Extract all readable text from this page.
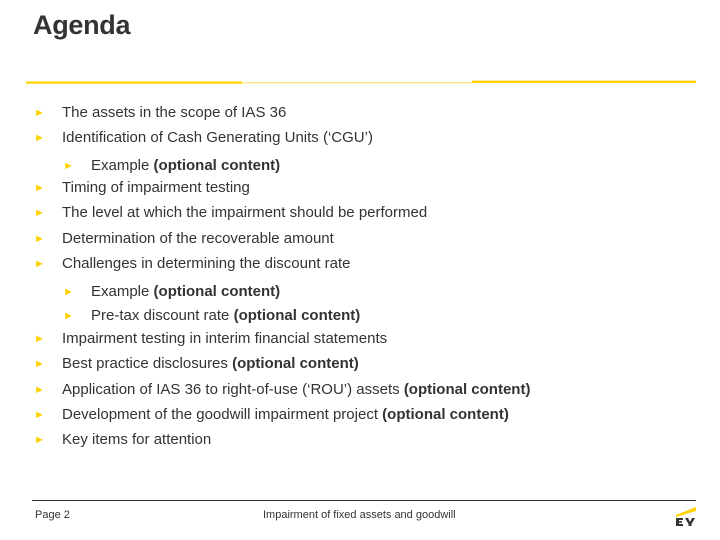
Agenda
► The assets in the scope of IAS 36
► Identification of Cash Generating Units (‘CGU’)
► Example (optional content)
► Timing of impairment testing
► The level at which the impairment should be performed
► Determination of the recoverable amount
► Challenges in determining the discount rate
► Example (optional content)
► Pre-tax discount rate (optional content)
► Impairment testing in interim financial statements
► Best practice disclosures (optional content)
► Application of IAS 36 to right-of-use (‘ROU’) assets (optional content)
► Development of the goodwill impairment project (optional content)
► Key items for attention
Page 2	Impairment of fixed assets and goodwill
